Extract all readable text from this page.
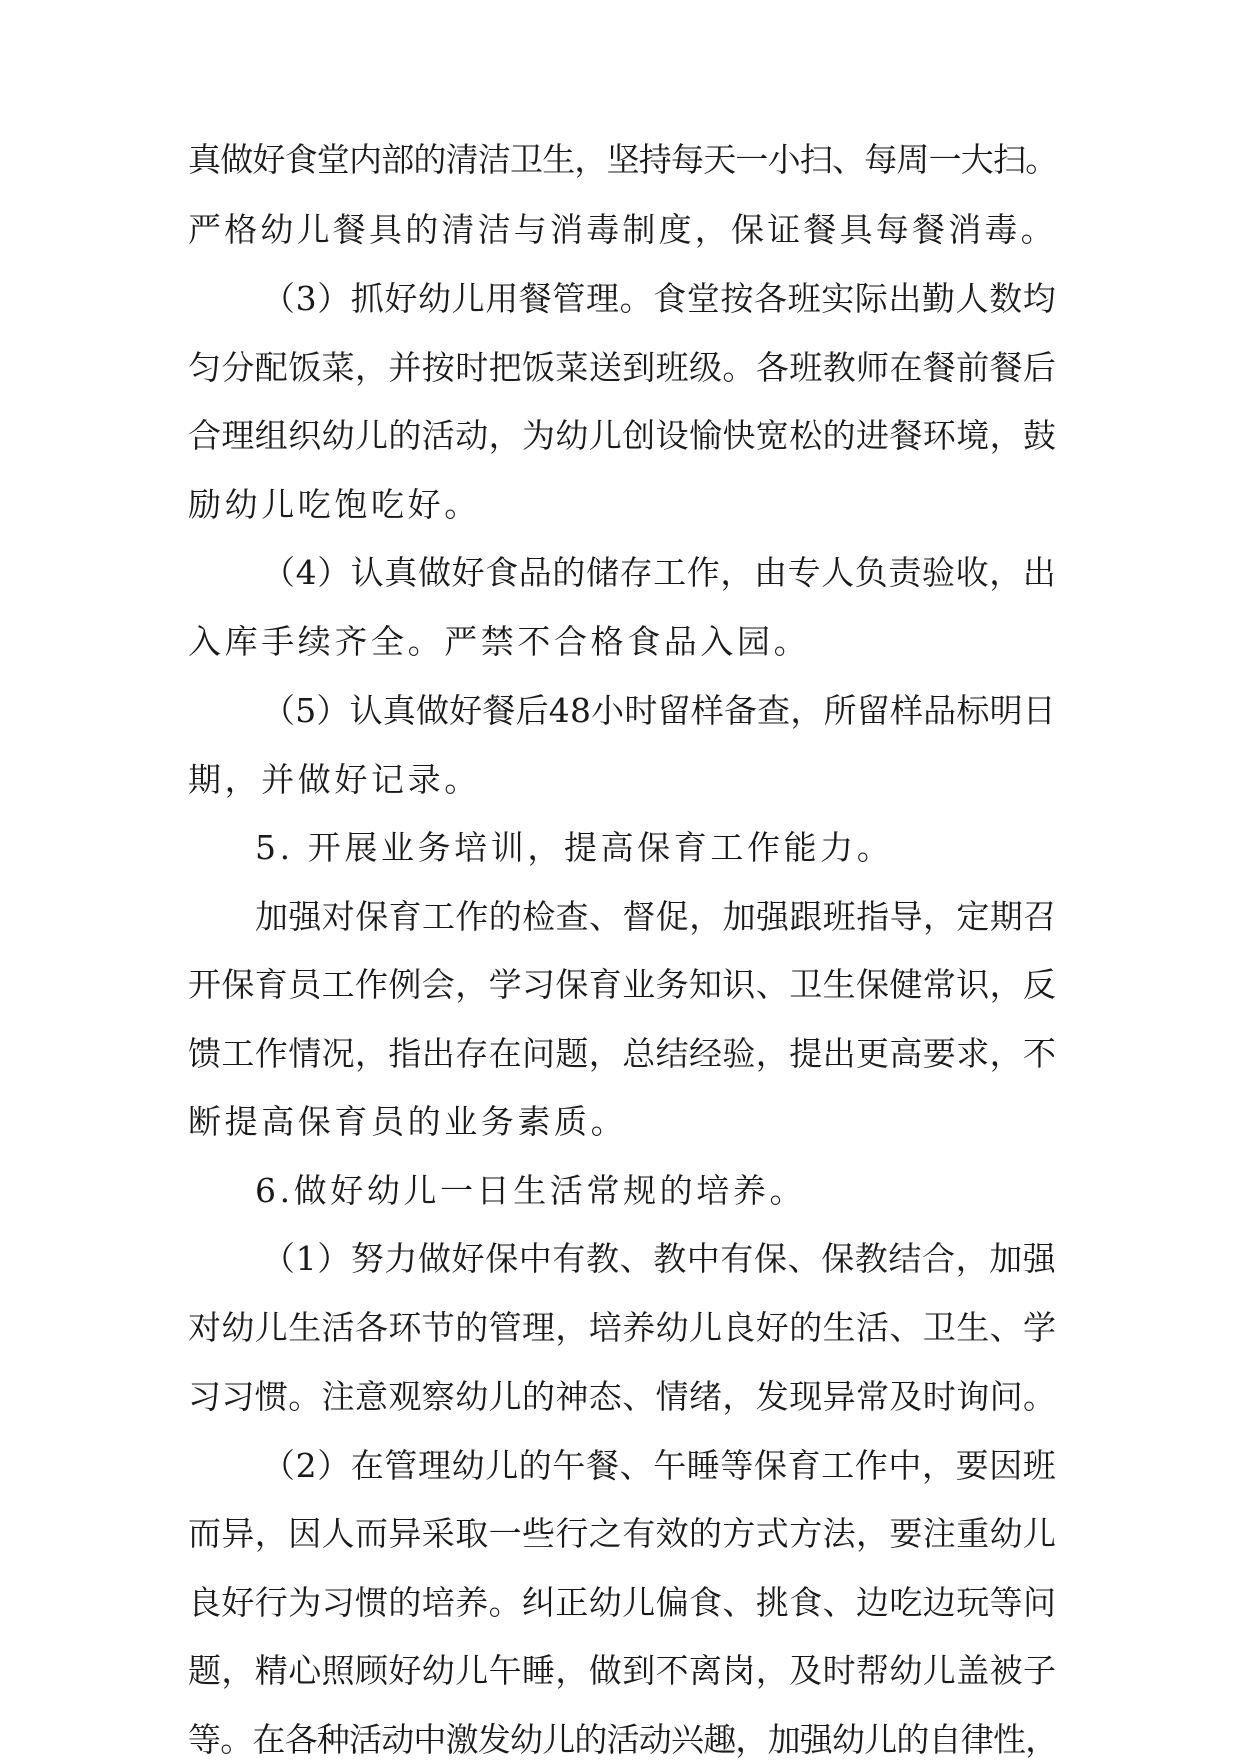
真做好食堂内部的清洁卫生，坚持每天一小扫、每周一大扫。

严格幼儿餐具的清洁与消毒制度，保证餐具每餐消毒。

（3）抓好幼儿用餐管理。食堂按各班实际出勤人数均

匀分配饭菜，并按时把饭菜送到班级。各班教师在餐前餐后

合理组织幼儿的活动，为幼儿创设愉快宽松的进餐环境，鼓

励幼儿吃饱吃好。

（4）认真做好食品的储存工作，由专人负责验收，出

入库手续齐全。严禁不合格食品入园。

（5）认真做好餐后48小时留样备查，所留样品标明日

期，并做好记录。

5. 开展业务培训，提高保育工作能力。

加强对保育工作的检查、督促，加强跟班指导，定期召

开保育员工作例会，学习保育业务知识、卫生保健常识，反

馈工作情况，指出存在问题，总结经验，提出更高要求，不

断提高保育员的业务素质。

6.做好幼儿一日生活常规的培养。

（1）努力做好保中有教、教中有保、保教结合，加强

对幼儿生活各环节的管理，培养幼儿良好的生活、卫生、学

习习惯。注意观察幼儿的神态、情绪，发现异常及时询问。

（2）在管理幼儿的午餐、午睡等保育工作中，要因班

而异，因人而异采取一些行之有效的方式方法，要注重幼儿

良好行为习惯的培养。纠正幼儿偏食、挑食、边吃边玩等问

题，精心照顾好幼儿午睡，做到不离岗，及时帮幼儿盖被子

等。在各种活动中激发幼儿的活动兴趣，加强幼儿的自律性，
